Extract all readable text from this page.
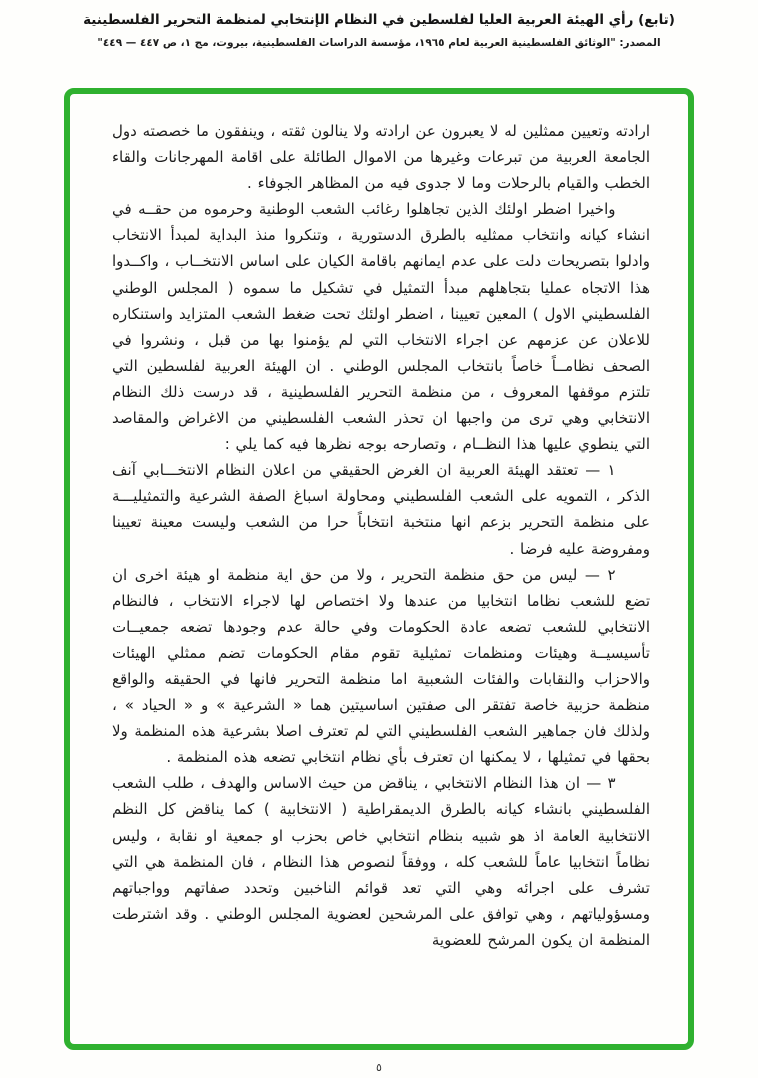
(تابع) رأي الهيئة العربية العليا لفلسطين في النظام الإنتخابي لمنظمة التحرير الفلسطينية
المصدر: "الوثائق الفلسطينية العربية لعام ١٩٦٥، مؤسسة الدراسات الفلسطينية، بيروت، مج ١، ص ٤٤٧ — ٤٤٩"

ارادته وتعيين ممثلين له لا يعبرون عن ارادته ولا ينالون ثقته ، وينفقون ما خصصته دول الجامعة العربية من تبرعات وغيرها من الاموال الطائلة على اقامة المهرجانات والقاء الخطب والقيام بالرحلات وما لا جدوى فيه من المظاهر الجوفاء .

واخيرا اضطر اولئك الذين تجاهلوا رغائب الشعب الوطنية وحرموه من حقــه في انشاء كيانه وانتخاب ممثليه بالطرق الدستورية ، وتنكروا منذ البداية لمبدأ الانتخاب وادلوا بتصريحات دلت على عدم ايمانهم باقامة الكيان على اساس الانتخــاب ، واكــدوا هذا الاتجاه عمليا بتجاهلهم مبدأ التمثيل في تشكيل ما سموه ( المجلس الوطني الفلسطيني الاول ) المعين تعيينا ، اضطر اولئك تحت ضغط الشعب المتزايد واستنكاره للاعلان عن عزمهم عن اجراء الانتخاب التي لم يؤمنوا بها من قبل ، ونشروا في الصحف نظامــاً خاصاً بانتخاب المجلس الوطني . ان الهيئة العربية لفلسطين التي تلتزم موقفها المعروف ، من منظمة التحرير الفلسطينية ، قد درست ذلك النظام الانتخابي وهي ترى من واجبها ان تحذر الشعب الفلسطيني من الاغراض والمقاصد التي ينطوي عليها هذا النظــام ، وتصارحه بوجه نظرها فيه كما يلي :

١ — تعتقد الهيئة العربية ان الغرض الحقيقي من اعلان النظام الانتخـــابي آنف الذكر ، التمويه على الشعب الفلسطيني ومحاولة اسباغ الصفة الشرعية والتمثيليـــة على منظمة التحرير بزعم انها منتخبة انتخاباً حرا من الشعب وليست معينة تعيينا ومفروضة عليه فرضا .

٢ — ليس من حق منظمة التحرير ، ولا من حق اية منظمة او هيئة اخرى ان تضع للشعب نظاما انتخابيا من عندها ولا اختصاص لها لاجراء الانتخاب ، فالنظام الانتخابي للشعب تضعه عادة الحكومات وفي حالة عدم وجودها تضعه جمعيــات تأسيسيــة وهيئات ومنظمات تمثيلية تقوم مقام الحكومات تضم ممثلي الهيئات والاحزاب والنقابات والفئات الشعبية اما منظمة التحرير فانها في الحقيقه والواقع منظمة حزبية خاصة تفتقر الى صفتين اساسيتين هما « الشرعية » و « الحياد » ، ولذلك فان جماهير الشعب الفلسطيني التي لم تعترف اصلا بشرعية هذه المنظمة ولا بحقها في تمثيلها ، لا يمكنها ان تعترف بأي نظام انتخابي تضعه هذه المنظمة .

٣ — ان هذا النظام الانتخابي ، يناقض من حيث الاساس والهدف ، طلب الشعب الفلسطيني بانشاء كيانه بالطرق الديمقراطية ( الانتخابية ) كما يناقض كل النظم الانتخابية العامة اذ هو شبيه بنظام انتخابي خاص بحزب او جمعية او نقابة ، وليس نظاماً انتخابيا عاماً للشعب كله ، ووفقاً لنصوص هذا النظام ، فان المنظمة هي التي تشرف على اجرائه وهي التي تعد قوائم الناخبين وتحدد صفاتهم وواجباتهم ومسؤولياتهم ، وهي توافق على المرشحين لعضوية المجلس الوطني . وقد اشترطت المنظمة ان يكون المرشح للعضوية

٥
